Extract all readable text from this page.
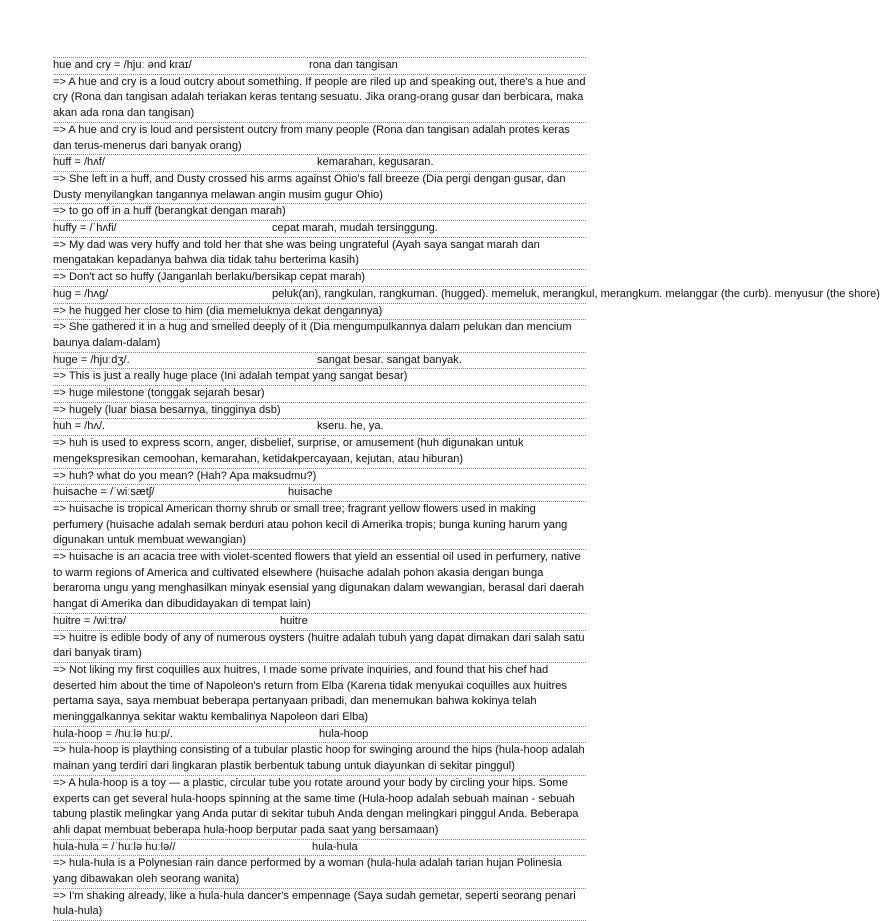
hue and cry = /hjuː ənd kraɪ/	rona dan tangisan
=> A hue and cry is a loud outcry about something. If people are riled up and speaking out, there's a hue and cry (Rona dan tangisan adalah teriakan keras tentang sesuatu. Jika orang-orang gusar dan berbicara, maka akan ada rona dan tangisan)
=> A hue and cry is loud and persistent outcry from many people (Rona dan tangisan adalah protes keras dan terus-menerus dari banyak orang)
huff = /hʌf/	kemarahan, kegusaran.
=> She left in a huff, and Dusty crossed his arms against Ohio's fall breeze (Dia pergi dengan gusar, dan Dusty menyilangkan tangannya melawan angin musim gugur Ohio)
=> to go off in a huff (berangkat dengan marah)
huffy = /ˈhʌfi/	cepat marah, mudah tersinggung.
=> My dad was very huffy and told her that she was being ungrateful (Ayah saya sangat marah dan mengatakan kepadanya bahwa dia tidak tahu berterima kasih)
=> Don't act so huffy (Janganlah berlaku/bersikap cepat marah)
hug = /hʌɡ/	peluk(an), rangkulan, rangkuman. (hugged). memeluk, merangkul, merangkum. melanggar (the curb). menyusur (the shore)
=> he hugged her close to him (dia memeluknya dekat dengannya)
=> She gathered it in a hug and smelled deeply of it (Dia mengumpulkannya dalam pelukan dan mencium baunya dalam-dalam)
huge = /hjuːdʒ/.	sangat besar. sangat banyak.
=> This is just a really huge place (Ini adalah tempat yang sangat besar)
=> huge milestone (tonggak sejarah besar)
=> hugely (luar biasa besarnya, tingginya dsb)
huh = /hʌ/.	kseru. he, ya.
=> huh is used to express scorn, anger, disbelief, surprise, or amusement (huh digunakan untuk mengekspresikan cemoohan, kemarahan, ketidakpercayaan, kejutan, atau hiburan)
=> huh? what do you mean? (Hah? Apa maksudmu?)
huisache = /ˈwiːsætʃ/	huisache
=> huisache is tropical American thorny shrub or small tree; fragrant yellow flowers used in making perfumery (huisache adalah semak berduri atau pohon kecil di Amerika tropis; bunga kuning harum yang digunakan untuk membuat wewangian)
=> huisache is an acacia tree with violet-scented flowers that yield an essential oil used in perfumery, native to warm regions of America and cultivated elsewhere (huisache adalah pohon akasia dengan bunga beraroma ungu yang menghasilkan minyak esensial yang digunakan dalam wewangian, berasal dari daerah hangat di Amerika dan dibudidayakan di tempat lain)
huitre = /wiːtrə/	huitre
=> huitre is edible body of any of numerous oysters (huitre adalah tubuh yang dapat dimakan dari salah satu dari banyak tiram)
=> Not liking my first coquilles aux huitres, I made some private inquiries, and found that his chef had deserted him about the time of Napoleon's return from Elba (Karena tidak menyukai coquilles aux huitres pertama saya, saya membuat beberapa pertanyaan pribadi, dan menemukan bahwa kokinya telah meninggalkannya sekitar waktu kembalinya Napoleon dari Elba)
hula-hoop = /huːlə huːp/.	hula-hoop
=> hula-hoop is plaything consisting of a tubular plastic hoop for swinging around the hips (hula-hoop adalah mainan yang terdiri dari lingkaran plastik berbentuk tabung untuk diayunkan di sekitar pinggul)
=> A hula-hoop is a toy — a plastic, circular tube you rotate around your body by circling your hips. Some experts can get several hula-hoops spinning at the same time (Hula-hoop adalah sebuah mainan - sebuah tabung plastik melingkar yang Anda putar di sekitar tubuh Anda dengan melingkari pinggul Anda. Beberapa ahli dapat membuat beberapa hula-hoop berputar pada saat yang bersamaan)
hula-hula = /ˈhuːlə huːlə//	hula-hula
=> hula-hula is a Polynesian rain dance performed by a woman (hula-hula adalah tarian hujan Polinesia yang dibawakan oleh seorang wanita)
=> I'm shaking already, like a hula-hula dancer's empennage (Saya sudah gemetar, seperti seorang penari hula-hula)
